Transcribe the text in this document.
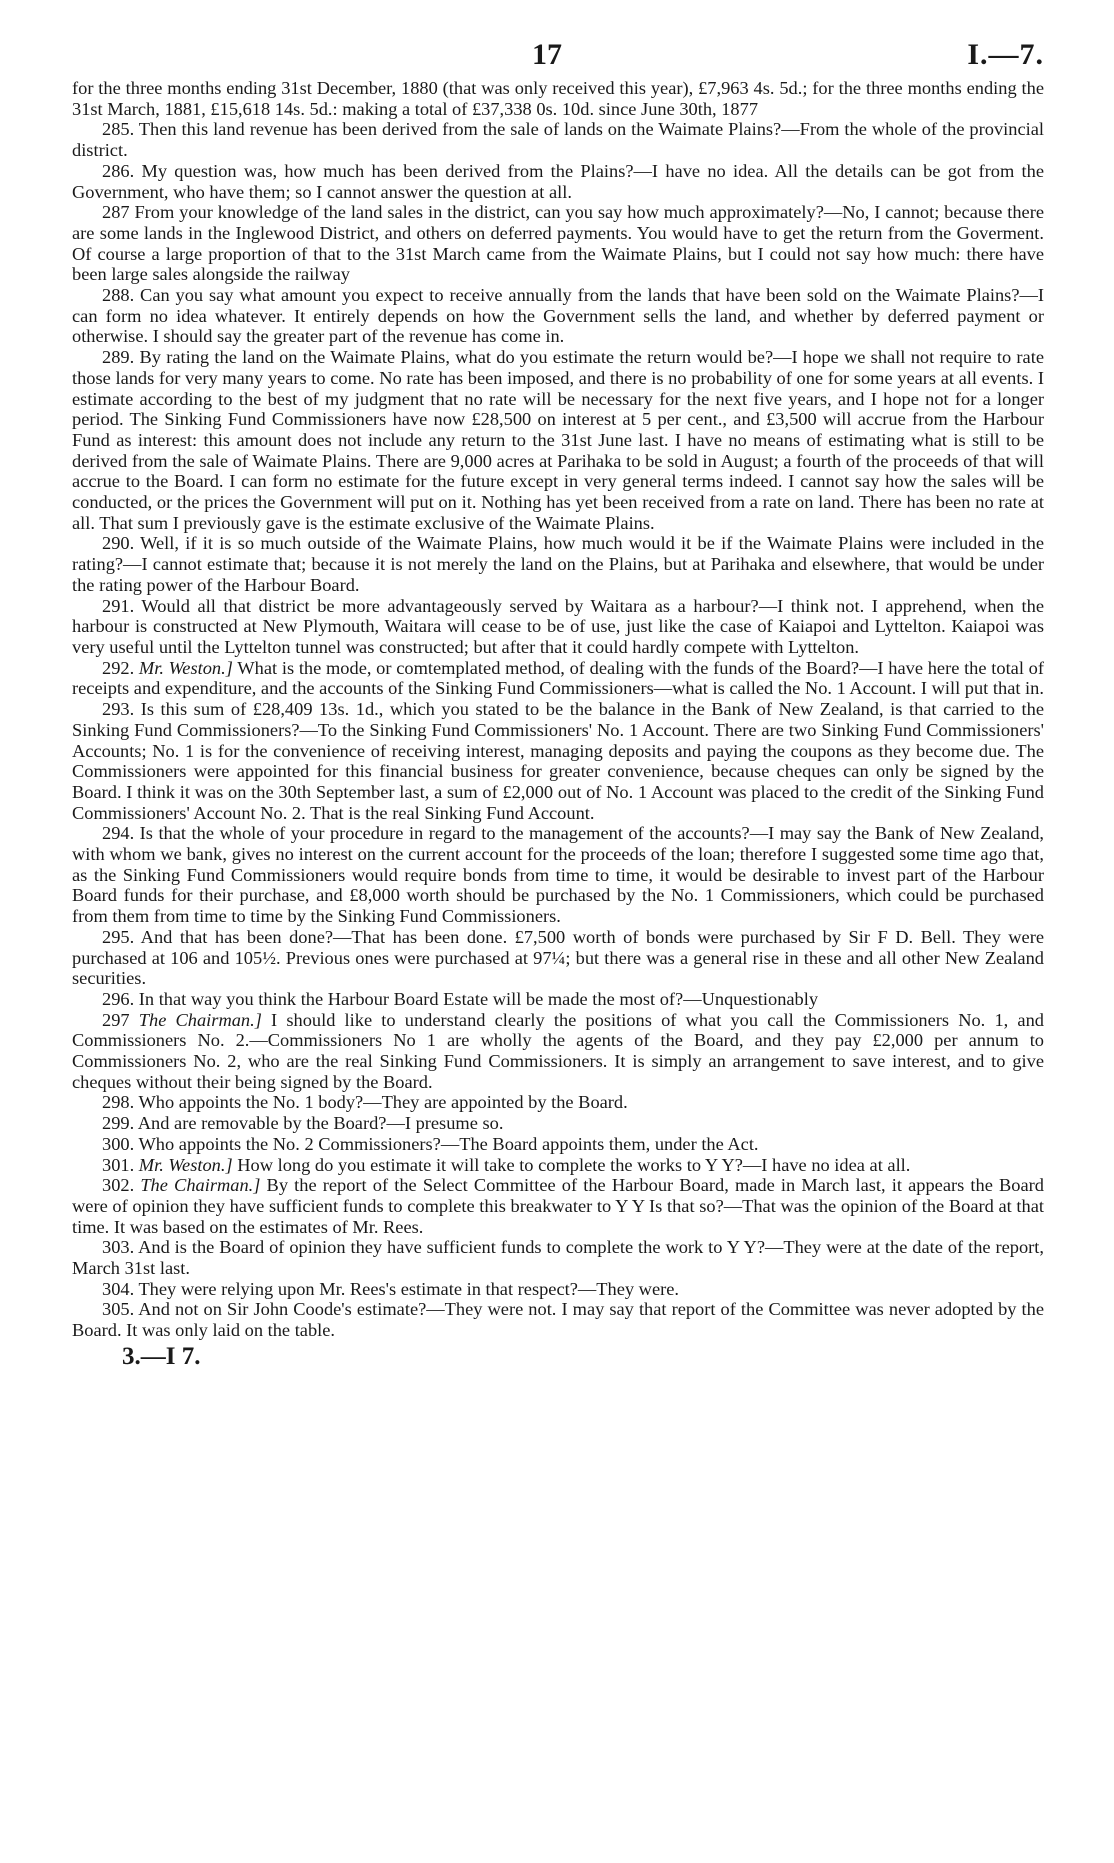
17	I.—7.

for the three months ending 31st December, 1880 (that was only received this year), £7,963 4s. 5d.; for the three months ending the 31st March, 1881, £15,618 14s. 5d.: making a total of £37,338 0s. 10d. since June 30th, 1877

285. Then this land revenue has been derived from the sale of lands on the Waimate Plains?—From the whole of the provincial district.

286. My question was, how much has been derived from the Plains?—I have no idea. All the details can be got from the Government, who have them; so I cannot answer the question at all.

287 From your knowledge of the land sales in the district, can you say how much approximately?—No, I cannot; because there are some lands in the Inglewood District, and others on deferred payments. You would have to get the return from the Goverment. Of course a large proportion of that to the 31st March came from the Waimate Plains, but I could not say how much: there have been large sales alongside the railway

288. Can you say what amount you expect to receive annually from the lands that have been sold on the Waimate Plains?—I can form no idea whatever. It entirely depends on how the Government sells the land, and whether by deferred payment or otherwise. I should say the greater part of the revenue has come in.

289. By rating the land on the Waimate Plains, what do you estimate the return would be?—I hope we shall not require to rate those lands for very many years to come. No rate has been imposed, and there is no probability of one for some years at all events. I estimate according to the best of my judgment that no rate will be necessary for the next five years, and I hope not for a longer period. The Sinking Fund Commissioners have now £28,500 on interest at 5 per cent., and £3,500 will accrue from the Harbour Fund as interest: this amount does not include any return to the 31st June last. I have no means of estimating what is still to be derived from the sale of Waimate Plains. There are 9,000 acres at Parihaka to be sold in August; a fourth of the proceeds of that will accrue to the Board. I can form no estimate for the future except in very general terms indeed. I cannot say how the sales will be conducted, or the prices the Government will put on it. Nothing has yet been received from a rate on land. There has been no rate at all. That sum I previously gave is the estimate exclusive of the Waimate Plains.

290. Well, if it is so much outside of the Waimate Plains, how much would it be if the Waimate Plains were included in the rating?—I cannot estimate that; because it is not merely the land on the Plains, but at Parihaka and elsewhere, that would be under the rating power of the Harbour Board.

291. Would all that district be more advantageously served by Waitara as a harbour?—I think not. I apprehend, when the harbour is constructed at New Plymouth, Waitara will cease to be of use, just like the case of Kaiapoi and Lyttelton. Kaiapoi was very useful until the Lyttelton tunnel was constructed; but after that it could hardly compete with Lyttelton.

292. Mr. Weston.] What is the mode, or comtemplated method, of dealing with the funds of the Board?—I have here the total of receipts and expenditure, and the accounts of the Sinking Fund Commissioners—what is called the No. 1 Account. I will put that in.

293. Is this sum of £28,409 13s. 1d., which you stated to be the balance in the Bank of New Zealand, is that carried to the Sinking Fund Commissioners?—To the Sinking Fund Commissioners' No. 1 Account. There are two Sinking Fund Commissioners' Accounts; No. 1 is for the convenience of receiving interest, managing deposits and paying the coupons as they become due. The Commissioners were appointed for this financial business for greater convenience, because cheques can only be signed by the Board. I think it was on the 30th September last, a sum of £2,000 out of No. 1 Account was placed to the credit of the Sinking Fund Commissioners' Account No. 2. That is the real Sinking Fund Account.

294. Is that the whole of your procedure in regard to the management of the accounts?—I may say the Bank of New Zealand, with whom we bank, gives no interest on the current account for the proceeds of the loan; therefore I suggested some time ago that, as the Sinking Fund Commissioners would require bonds from time to time, it would be desirable to invest part of the Harbour Board funds for their purchase, and £8,000 worth should be purchased by the No. 1 Commissioners, which could be purchased from them from time to time by the Sinking Fund Commissioners.

295. And that has been done?—That has been done. £7,500 worth of bonds were purchased by Sir F D. Bell. They were purchased at 106 and 105½. Previous ones were purchased at 97¼; but there was a general rise in these and all other New Zealand securities.

296. In that way you think the Harbour Board Estate will be made the most of?—Unquestionably

297 The Chairman.] I should like to understand clearly the positions of what you call the Commissioners No. 1, and Commissioners No. 2.—Commissioners No 1 are wholly the agents of the Board, and they pay £2,000 per annum to Commissioners No. 2, who are the real Sinking Fund Commissioners. It is simply an arrangement to save interest, and to give cheques without their being signed by the Board.

298. Who appoints the No. 1 body?—They are appointed by the Board.

299. And are removable by the Board?—I presume so.

300. Who appoints the No. 2 Commissioners?—The Board appoints them, under the Act.

301. Mr. Weston.] How long do you estimate it will take to complete the works to Y Y?—I have no idea at all.

302. The Chairman.] By the report of the Select Committee of the Harbour Board, made in March last, it appears the Board were of opinion they have sufficient funds to complete this breakwater to Y Y Is that so?—That was the opinion of the Board at that time. It was based on the estimates of Mr. Rees.

303. And is the Board of opinion they have sufficient funds to complete the work to Y Y?—They were at the date of the report, March 31st last.

304. They were relying upon Mr. Rees's estimate in that respect?—They were.

305. And not on Sir John Coode's estimate?—They were not. I may say that report of the Committee was never adopted by the Board. It was only laid on the table.

3.—I 7.
